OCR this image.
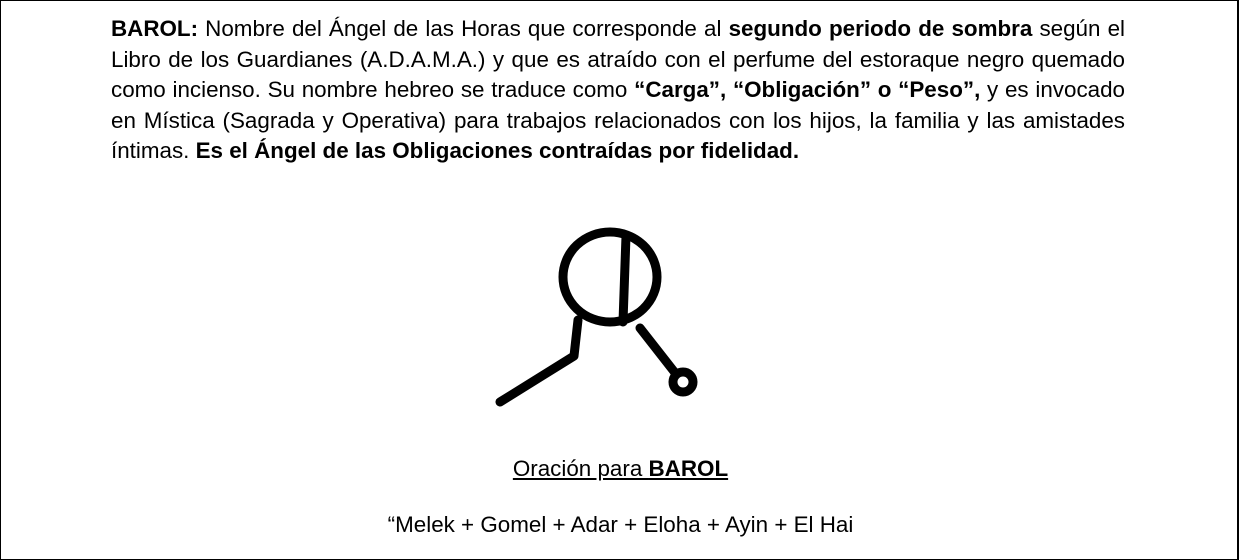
BAROL: Nombre del Ángel de las Horas que corresponde al segundo periodo de sombra según el Libro de los Guardianes (A.D.A.M.A.) y que es atraído con el perfume del estoraque negro quemado como incienso. Su nombre hebreo se traduce como “Carga”, “Obligación” o “Peso”, y es invocado en Mística (Sagrada y Operativa) para trabajos relacionados con los hijos, la familia y las amistades íntimas. Es el Ángel de las Obligaciones contraídas por fidelidad.

Oración para BAROL
“Melek + Gomel + Adar + Eloha + Ayin + El Hai
